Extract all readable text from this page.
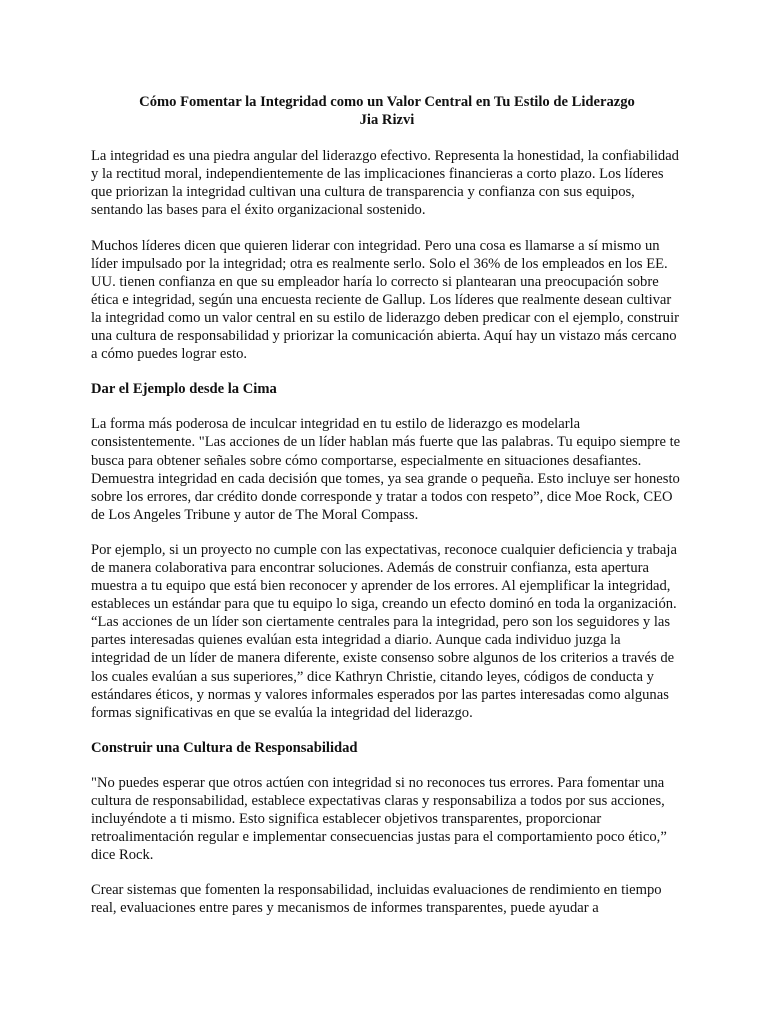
Cómo Fomentar la Integridad como un Valor Central en Tu Estilo de Liderazgo
Jia Rizvi

La integridad es una piedra angular del liderazgo efectivo. Representa la honestidad, la confiabilidad y la rectitud moral, independientemente de las implicaciones financieras a corto plazo. Los líderes que priorizan la integridad cultivan una cultura de transparencia y confianza con sus equipos, sentando las bases para el éxito organizacional sostenido.

Muchos líderes dicen que quieren liderar con integridad. Pero una cosa es llamarse a sí mismo un líder impulsado por la integridad; otra es realmente serlo. Solo el 36% de los empleados en los EE. UU. tienen confianza en que su empleador haría lo correcto si plantearan una preocupación sobre ética e integridad, según una encuesta reciente de Gallup. Los líderes que realmente desean cultivar la integridad como un valor central en su estilo de liderazgo deben predicar con el ejemplo, construir una cultura de responsabilidad y priorizar la comunicación abierta. Aquí hay un vistazo más cercano a cómo puedes lograr esto.

Dar el Ejemplo desde la Cima

La forma más poderosa de inculcar integridad en tu estilo de liderazgo es modelarla consistentemente. "Las acciones de un líder hablan más fuerte que las palabras. Tu equipo siempre te busca para obtener señales sobre cómo comportarse, especialmente en situaciones desafiantes. Demuestra integridad en cada decisión que tomes, ya sea grande o pequeña. Esto incluye ser honesto sobre los errores, dar crédito donde corresponde y tratar a todos con respeto”, dice Moe Rock, CEO de Los Angeles Tribune y autor de The Moral Compass.

Por ejemplo, si un proyecto no cumple con las expectativas, reconoce cualquier deficiencia y trabaja de manera colaborativa para encontrar soluciones. Además de construir confianza, esta apertura muestra a tu equipo que está bien reconocer y aprender de los errores. Al ejemplificar la integridad, estableces un estándar para que tu equipo lo siga, creando un efecto dominó en toda la organización. “Las acciones de un líder son ciertamente centrales para la integridad, pero son los seguidores y las partes interesadas quienes evalúan esta integridad a diario. Aunque cada individuo juzga la integridad de un líder de manera diferente, existe consenso sobre algunos de los criterios a través de los cuales evalúan a sus superiores,” dice Kathryn Christie, citando leyes, códigos de conducta y estándares éticos, y normas y valores informales esperados por las partes interesadas como algunas formas significativas en que se evalúa la integridad del liderazgo.

Construir una Cultura de Responsabilidad

"No puedes esperar que otros actúen con integridad si no reconoces tus errores. Para fomentar una cultura de responsabilidad, establece expectativas claras y responsabiliza a todos por sus acciones, incluyéndote a ti mismo. Esto significa establecer objetivos transparentes, proporcionar retroalimentación regular e implementar consecuencias justas para el comportamiento poco ético,” dice Rock.

Crear sistemas que fomenten la responsabilidad, incluidas evaluaciones de rendimiento en tiempo real, evaluaciones entre pares y mecanismos de informes transparentes, puede ayudar a
